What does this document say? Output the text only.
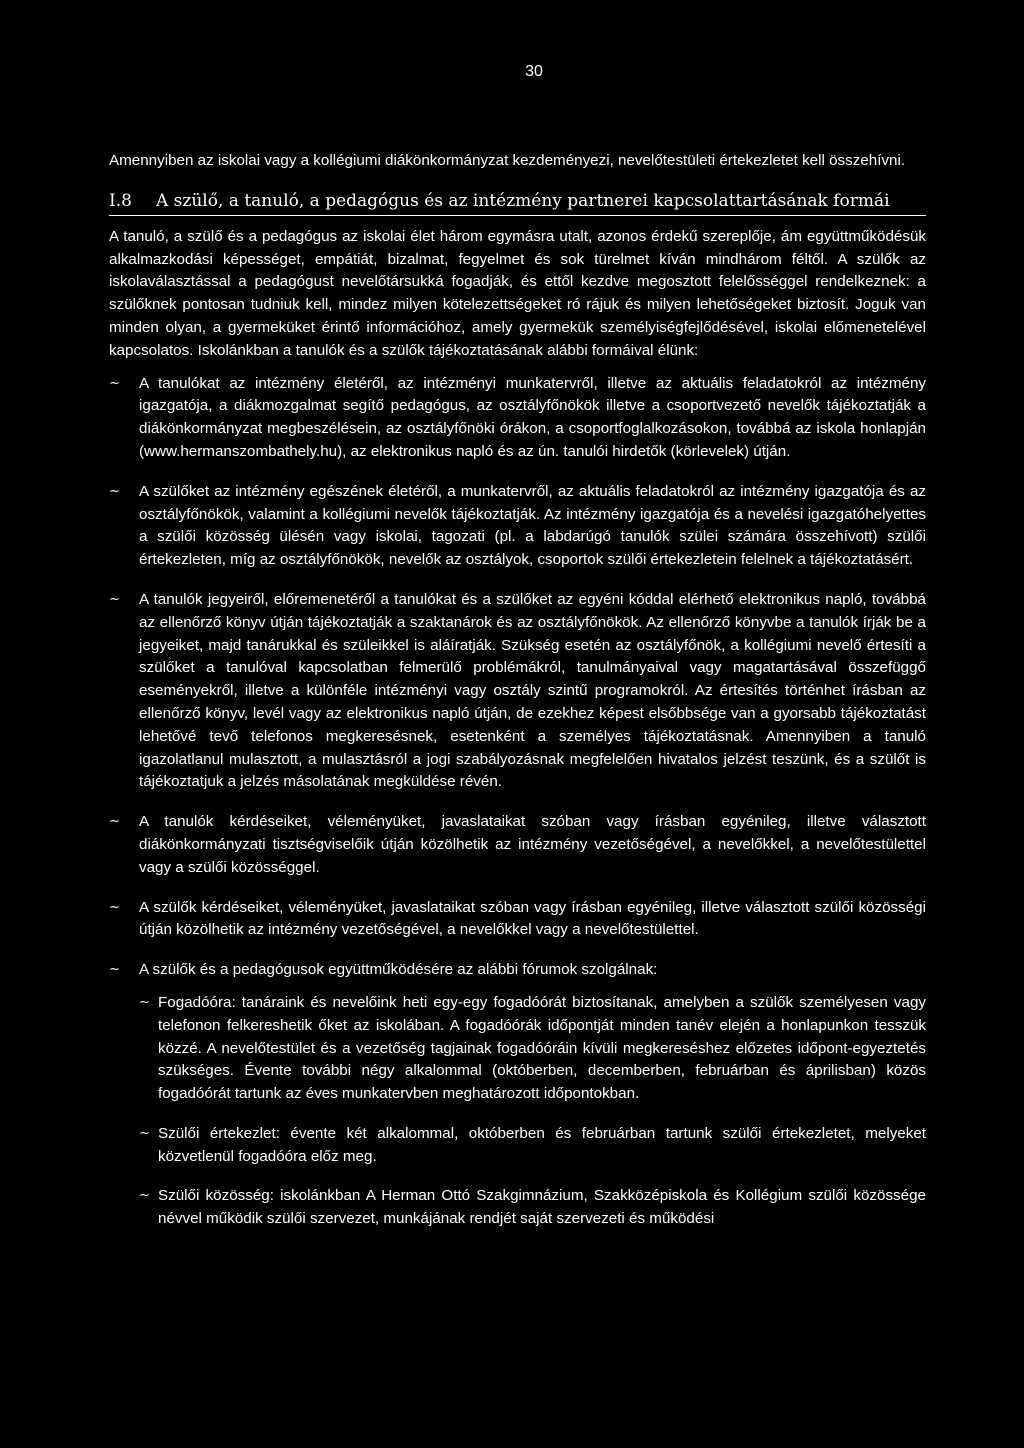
30

Amennyiben az iskolai vagy a kollégiumi diákönkormányzat kezdeményezi, nevelőtestületi értekezletet kell összehívni.

I.8	A szülő, a tanuló, a pedagógus és az intézmény partnerei kapcsolattartásának formái

A tanuló, a szülő és a pedagógus az iskolai élet három egymásra utalt, azonos érdekű szereplője, ám együttműködésük alkalmazkodási képességet, empátiát, bizalmat, fegyelmet és sok türelmet kíván mindhárom féltől. A szülők az iskolaválasztással a pedagógust nevelőtársukká fogadják, és ettől kezdve megosztott felelősséggel rendelkeznek: a szülőknek pontosan tudniuk kell, mindez milyen kötelezettségeket ró rájuk és milyen lehetőségeket biztosít. Joguk van minden olyan, a gyermeküket érintő információhoz, amely gyermekük személyiségfejlődésével, iskolai előmenetelével kapcsolatos. Iskolánkban a tanulók és a szülők tájékoztatásának alábbi formáival élünk:

~ A tanulókat az intézmény életéről, az intézményi munkatervről, illetve az aktuális feladatokról az intézmény igazgatója, a diákmozgalmat segítő pedagógus, az osztályfőnökök illetve a csoportvezető nevelők tájékoztatják a diákönkormányzat megbeszélésein, az osztályfőnöki órákon, a csoportfoglalkozásokon, továbbá az iskola honlapján (www.hermanszombathely.hu), az elektronikus napló és az ún. tanulói hirdetők (körlevelek) útján.

~ A szülőket az intézmény egészének életéről, a munkatervről, az aktuális feladatokról az intézmény igazgatója és az osztályfőnökök, valamint a kollégiumi nevelők tájékoztatják. Az intézmény igazgatója és a nevelési igazgatóhelyettes a szülői közösség ülésén vagy iskolai, tagozati (pl. a labdarúgó tanulók szülei számára összehívott) szülői értekezleten, míg az osztályfőnökök, nevelők az osztályok, csoportok szülői értekezletein felelnek a tájékoztatásért.

~ A tanulók jegyeiről, előremenetéről a tanulókat és a szülőket az egyéni kóddal elérhető elektronikus napló, továbbá az ellenőrző könyv útján tájékoztatják a szaktanárok és az osztályfőnökök. Az ellenőrző könyvbe a tanulók írják be a jegyeiket, majd tanárukkal és szüleikkel is aláíratják. Szükség esetén az osztályfőnök, a kollégiumi nevelő értesíti a szülőket a tanulóval kapcsolatban felmerülő problémákról, tanulmányaival vagy magatartásával összefüggő eseményekről, illetve a különféle intézményi vagy osztály szintű programokról. Az értesítés történhet írásban az ellenőrző könyv, levél vagy az elektronikus napló útján, de ezekhez képest elsőbbsége van a gyorsabb tájékoztatást lehetővé tevő telefonos megkeresésnek, esetenként a személyes tájékoztatásnak. Amennyiben a tanuló igazolatlanul mulasztott, a mulasztásról a jogi szabályozásnak megfelelően hivatalos jelzést teszünk, és a szülőt is tájékoztatjuk a jelzés másolatának megküldése révén.

~ A tanulók kérdéseiket, véleményüket, javaslataikat szóban vagy írásban egyénileg, illetve választott diákönkormányzati tisztségviselőik útján közölhetik az intézmény vezetőségével, a nevelőkkel, a nevelőtestülettel vagy a szülői közösséggel.

~ A szülők kérdéseiket, véleményüket, javaslataikat szóban vagy írásban egyénileg, illetve választott szülői közösségi útján közölhetik az intézmény vezetőségével, a nevelőkkel vagy a nevelőtestülettel.

~ A szülők és a pedagógusok együttműködésére az alábbi fórumok szolgálnak:

~ Fogadóóra: tanáraink és nevelőink heti egy-egy fogadóórát biztosítanak, amelyben a szülők személyesen vagy telefonon felkereshetik őket az iskolában. A fogadóórák időpontját minden tanév elején a honlapunkon tesszük közzé. A nevelőtestület és a vezetőség tagjainak fogadóóráin kívüli megkereséshez előzetes időpont-egyeztetés szükséges. Évente további négy alkalommal (októberben, decemberben, februárban és áprilisban) közös fogadóórát tartunk az éves munkatervben meghatározott időpontokban.

~ Szülői értekezlet: évente két alkalommal, októberben és februárban tartunk szülői értekezletet, melyeket közvetlenül fogadóóra előz meg.

~ Szülői közösség: iskolánkban A Herman Ottó Szakgimnázium, Szakközépiskola és Kollégium szülői közössége névvel működik szülői szervezet, munkájának rendjét saját szervezeti és működési
